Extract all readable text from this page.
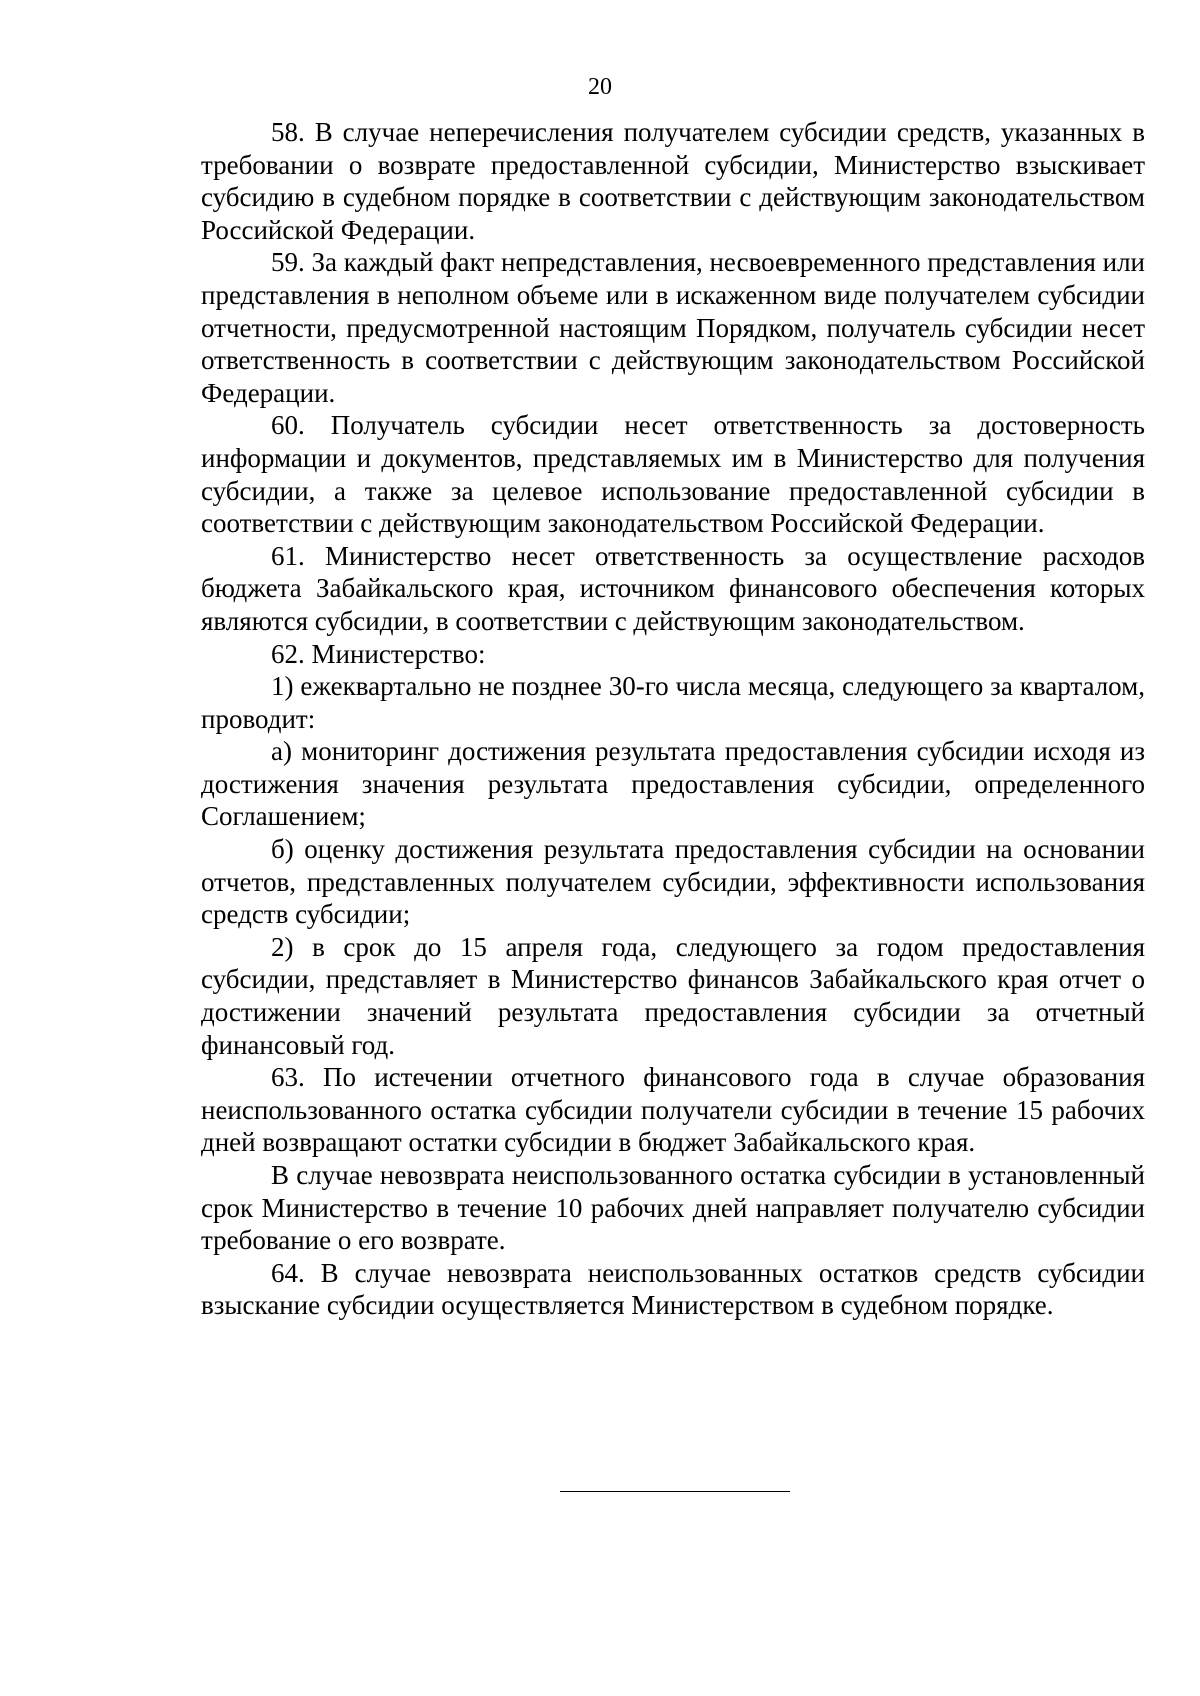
20

58. В случае неперечисления получателем субсидии средств, указанных в требовании о возврате предоставленной субсидии, Министерство взыскивает субсидию в судебном порядке в соответствии с действующим законодательством Российской Федерации.

59. За каждый факт непредставления, несвоевременного представления или представления в неполном объеме или в искаженном виде получателем субсидии отчетности, предусмотренной настоящим Порядком, получатель субсидии несет ответственность в соответствии с действующим законодательством Российской Федерации.

60. Получатель субсидии несет ответственность за достоверность информации и документов, представляемых им в Министерство для получения субсидии, а также за целевое использование предоставленной субсидии в соответствии с действующим законодательством Российской Федерации.

61. Министерство несет ответственность за осуществление расходов бюджета Забайкальского края, источником финансового обеспечения которых являются субсидии, в соответствии с действующим законодательством.

62. Министерство:

1) ежеквартально не позднее 30-го числа месяца, следующего за кварталом, проводит:

а) мониторинг достижения результата предоставления субсидии исходя из достижения значения результата предоставления субсидии, определенного Соглашением;

б) оценку достижения результата предоставления субсидии на основании отчетов, представленных получателем субсидии, эффективности использования средств субсидии;

2) в срок до 15 апреля года, следующего за годом предоставления субсидии, представляет в Министерство финансов Забайкальского края отчет о достижении значений результата предоставления субсидии за отчетный финансовый год.

63. По истечении отчетного финансового года в случае образования неиспользованного остатка субсидии получатели субсидии в течение 15 рабочих дней возвращают остатки субсидии в бюджет Забайкальского края.

В случае невозврата неиспользованного остатка субсидии в установленный срок Министерство в течение 10 рабочих дней направляет получателю субсидии требование о его возврате.

64. В случае невозврата неиспользованных остатков средств субсидии взыскание субсидии осуществляется Министерством в судебном порядке.
